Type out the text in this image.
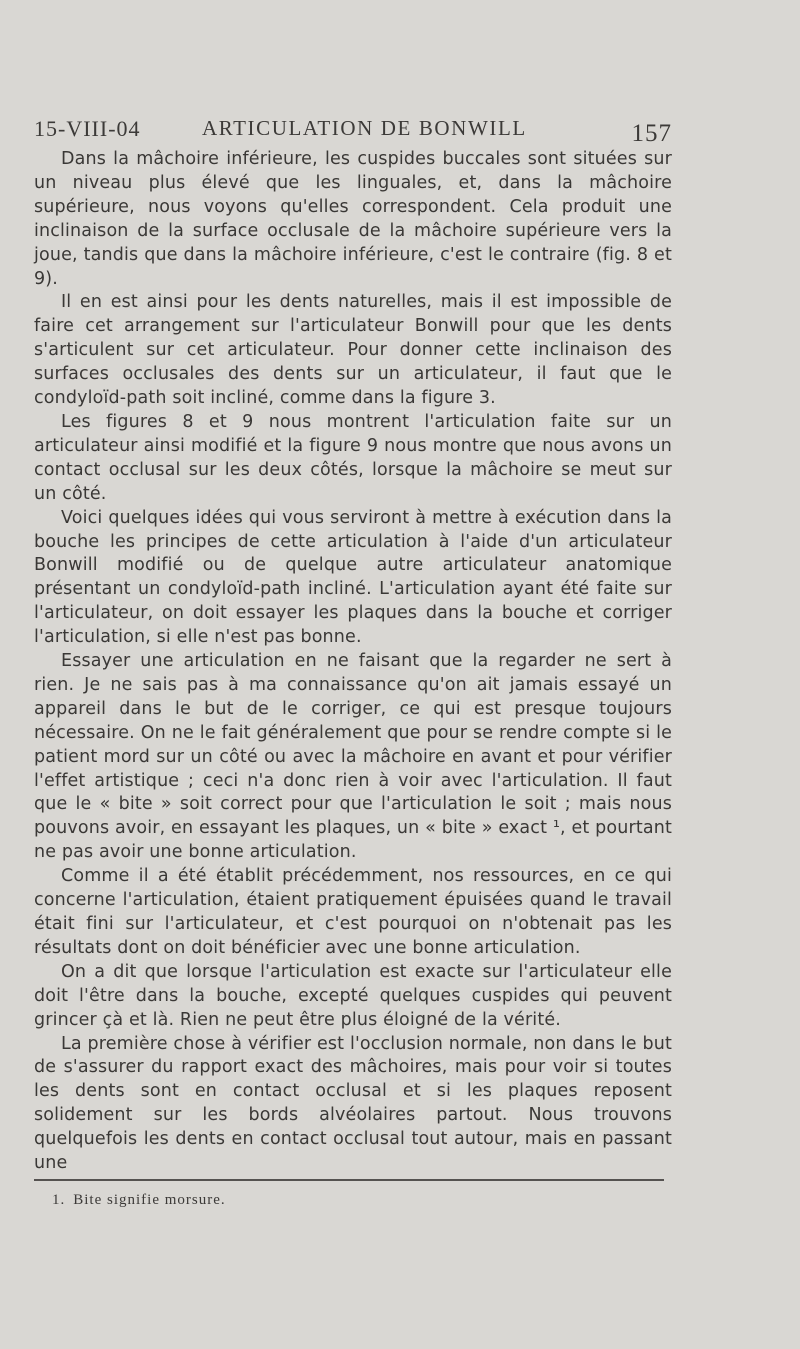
15-VIII-04	ARTICULATION DE BONWILL	157

Dans la mâchoire inférieure, les cuspides buccales sont situées sur un niveau plus élevé que les linguales, et, dans la mâchoire supérieure, nous voyons qu'elles correspondent. Cela produit une inclinaison de la surface occlusale de la mâchoire supérieure vers la joue, tandis que dans la mâchoire inférieure, c'est le contraire (fig. 8 et 9).

Il en est ainsi pour les dents naturelles, mais il est impossible de faire cet arrangement sur l'articulateur Bonwill pour que les dents s'articulent sur cet articulateur. Pour donner cette inclinaison des surfaces occlusales des dents sur un articulateur, il faut que le condyloïd-path soit incliné, comme dans la figure 3.

Les figures 8 et 9 nous montrent l'articulation faite sur un articulateur ainsi modifié et la figure 9 nous montre que nous avons un contact occlusal sur les deux côtés, lorsque la mâchoire se meut sur un côté.

Voici quelques idées qui vous serviront à mettre à exécution dans la bouche les principes de cette articulation à l'aide d'un articulateur Bonwill modifié ou de quelque autre articulateur anatomique présentant un condyloïd-path incliné. L'articulation ayant été faite sur l'articulateur, on doit essayer les plaques dans la bouche et corriger l'articulation, si elle n'est pas bonne.

Essayer une articulation en ne faisant que la regarder ne sert à rien. Je ne sais pas à ma connaissance qu'on ait jamais essayé un appareil dans le but de le corriger, ce qui est presque toujours nécessaire. On ne le fait généralement que pour se rendre compte si le patient mord sur un côté ou avec la mâchoire en avant et pour vérifier l'effet artistique ; ceci n'a donc rien à voir avec l'articulation. Il faut que le « bite » soit correct pour que l'articulation le soit ; mais nous pouvons avoir, en essayant les plaques, un « bite » exact ¹, et pourtant ne pas avoir une bonne articulation.

Comme il a été établit précédemment, nos ressources, en ce qui concerne l'articulation, étaient pratiquement épuisées quand le travail était fini sur l'articulateur, et c'est pourquoi on n'obtenait pas les résultats dont on doit bénéficier avec une bonne articulation.

On a dit que lorsque l'articulation est exacte sur l'articulateur elle doit l'être dans la bouche, excepté quelques cuspides qui peuvent grincer çà et là. Rien ne peut être plus éloigné de la vérité.

La première chose à vérifier est l'occlusion normale, non dans le but de s'assurer du rapport exact des mâchoires, mais pour voir si toutes les dents sont en contact occlusal et si les plaques reposent solidement sur les bords alvéolaires partout. Nous trouvons quelquefois les dents en contact occlusal tout autour, mais en passant une

1. Bite signifie morsure.
